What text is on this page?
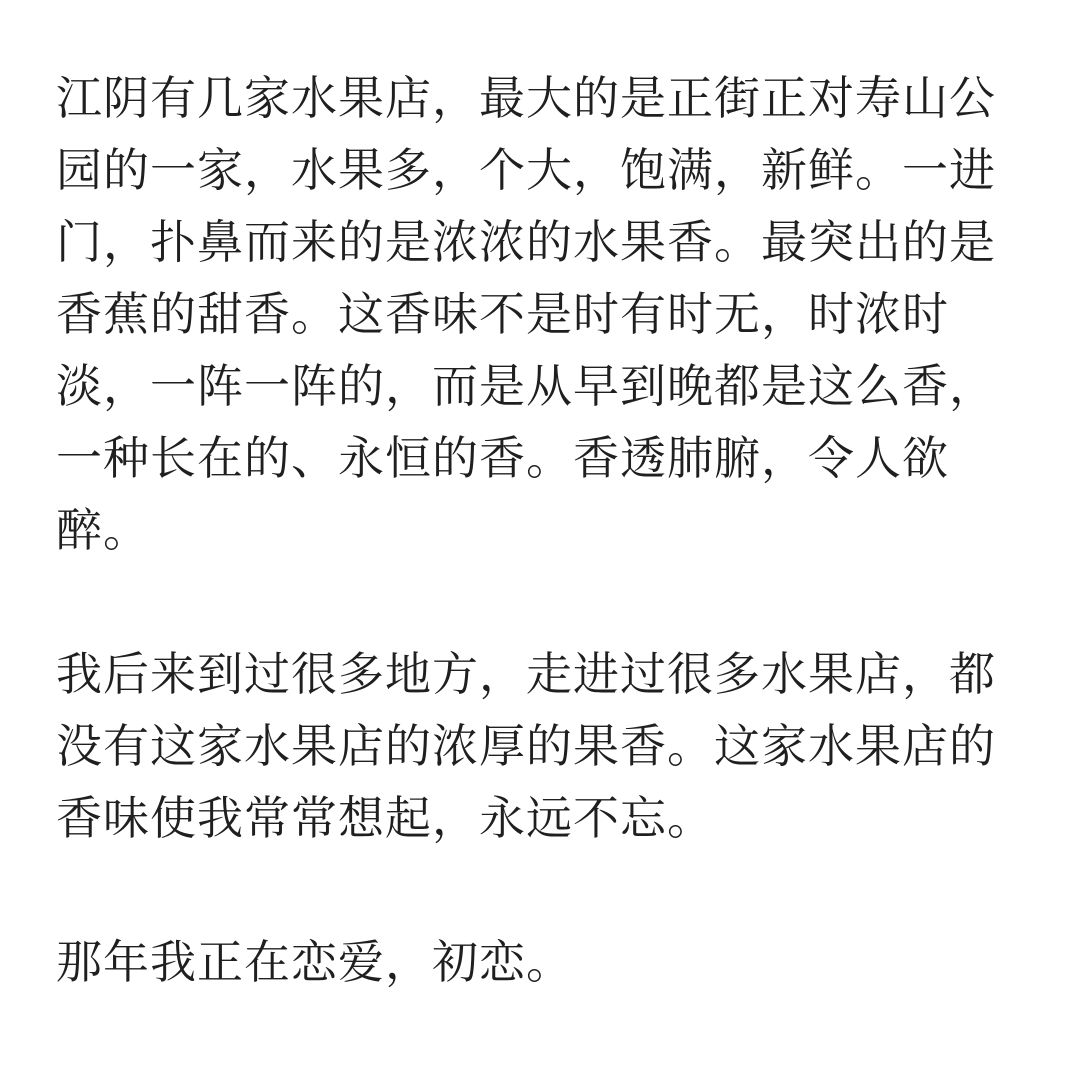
江阴有几家水果店，最大的是正街正对寿山公
园的一家，水果多，个大，饱满，新鲜。一进
门，扑鼻而来的是浓浓的水果香。最突出的是
香蕉的甜香。这香味不是时有时无，时浓时
淡，一阵一阵的，而是从早到晚都是这么香，
一种长在的、永恒的香。香透肺腑，令人欲
醉。
我后来到过很多地方，走进过很多水果店，都
没有这家水果店的浓厚的果香。这家水果店的
香味使我常常想起，永远不忘。
那年我正在恋爱，初恋。
